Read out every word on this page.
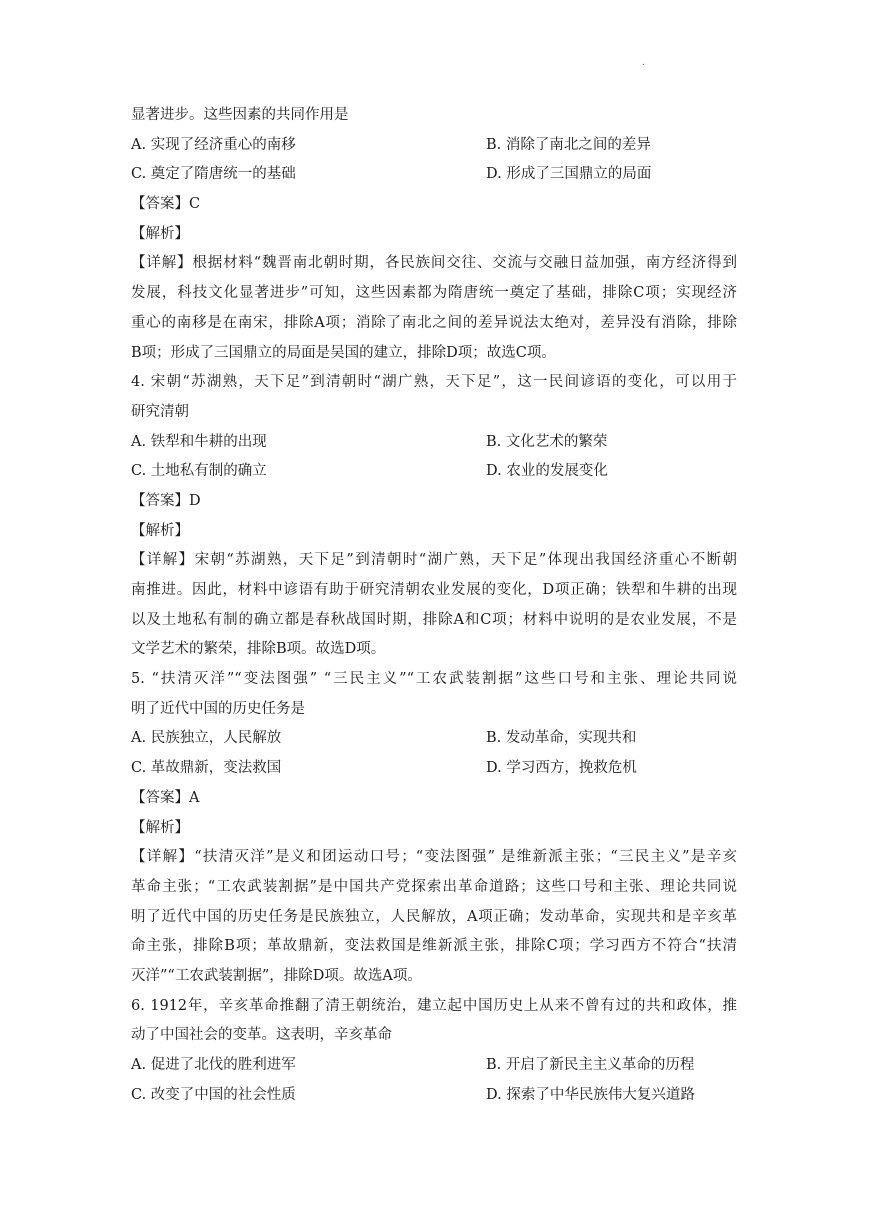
.
显著进步。这些因素的共同作用是
A. 实现了经济重心的南移	B. 消除了南北之间的差异
C. 奠定了隋唐统一的基础	D. 形成了三国鼎立的局面
【答案】C
【解析】
【详解】根据材料“魏晋南北朝时期，各民族间交往、交流与交融日益加强，南方经济得到
发展，科技文化显著进步”可知，这些因素都为隋唐统一奠定了基础，排除C项；实现经济
重心的南移是在南宋，排除A项；消除了南北之间的差异说法太绝对，差异没有消除，排除
B项；形成了三国鼎立的局面是吴国的建立，排除D项；故选C项。
4. 宋朝“苏湖熟，天下足”到清朝时“湖广熟，天下足”，这一民间谚语的变化，可以用于
研究清朝
A. 铁犁和牛耕的出现	B. 文化艺术的繁荣
C. 土地私有制的确立	D. 农业的发展变化
【答案】D
【解析】
【详解】宋朝“苏湖熟，天下足”到清朝时“湖广熟，天下足”体现出我国经济重心不断朝
南推进。因此，材料中谚语有助于研究清朝农业发展的变化，D项正确；铁犁和牛耕的出现
以及土地私有制的确立都是春秋战国时期，排除A和C项；材料中说明的是农业发展，不是
文学艺术的繁荣，排除B项。故选D项。
5. “扶清灭洋”“变法图强” “三民主义”“工农武装割据”这些口号和主张、理论共同说
明了近代中国的历史任务是
A. 民族独立，人民解放	B. 发动革命，实现共和
C. 革故鼎新，变法救国	D. 学习西方，挽救危机
【答案】A
【解析】
【详解】“扶清灭洋”是义和团运动口号；“变法图强” 是维新派主张；“三民主义”是辛亥
革命主张；“工农武装割据”是中国共产党探索出革命道路；这些口号和主张、理论共同说
明了近代中国的历史任务是民族独立，人民解放，A项正确；发动革命，实现共和是辛亥革
命主张，排除B项；革故鼎新，变法救国是维新派主张，排除C项；学习西方不符合“扶清
灭洋”“工农武装割据”，排除D项。故选A项。
6. 1912年，辛亥革命推翻了清王朝统治，建立起中国历史上从来不曾有过的共和政体，推
动了中国社会的变革。这表明，辛亥革命
A. 促进了北伐的胜利进军	B. 开启了新民主主义革命的历程
C. 改变了中国的社会性质	D. 探索了中华民族伟大复兴道路
